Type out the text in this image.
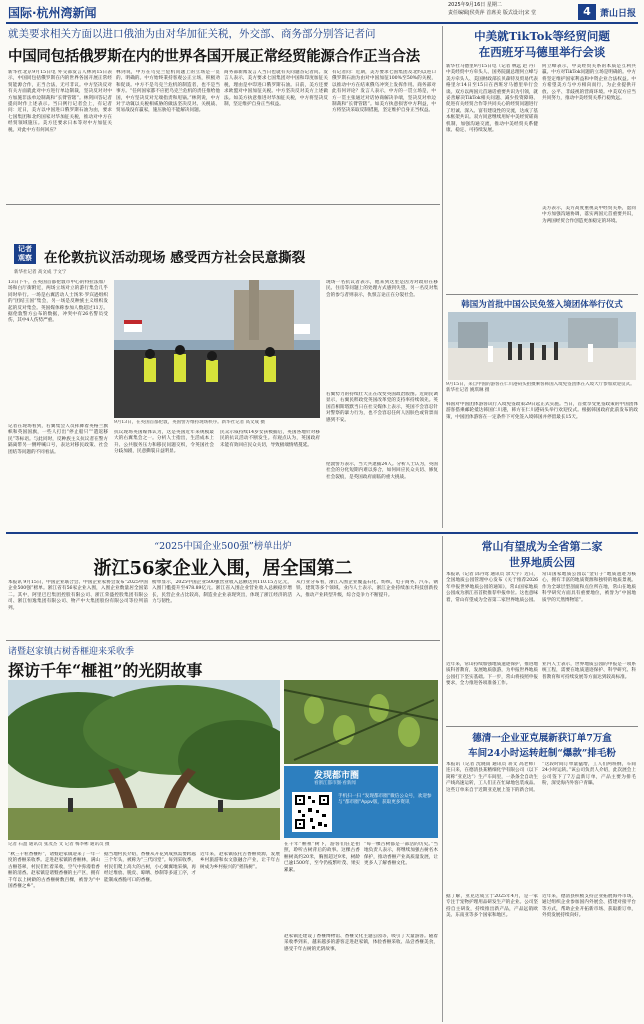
国际·杭州湾新闻
2025年9月16日 星期二
责任编辑|侯英萍 首席美 版式设计|宋 堂	4	萧山日报
就美要求相关方面以进口俄油为由对华加征关税，外交部、商务部分别答记者问
中国同包括俄罗斯在内的世界各国开展正常经贸能源合作正当合法
新华社北京9月15日电 外交部发言人林剑15日表示，中国同包括俄罗斯在内的世界各国开展正常经贸能源合作，正当合法，无可非议。中方坚决反对有关方面就此对中方进行单边制裁，坚决反对对中方加施非法单边制裁和“长臂管辖”。林剑回答记者提问时作上述表示。当日例行记者会上，有记者问：近日，美方以中国进口俄罗斯石油为由，要求七国集团和北约国家对华加征关税，推动对中方在经贸领域施压。美方还要求日本等对中方加征关税。对此中方有何回应？
林剑说，中方在乌克兰危机问题上的立场是一贯的、明确的。中方始终秉持客观公正立场，积极劝和促谈。中方不是乌克兰危机的制造者，也不是当事方。“任何国家都不应把乌克兰危机的责任推给他国，中方坚决反对无端指责和甩锅。”林剑说，中方对于动辄以关税相威胁的做法坚决反对。关税战、贸易战没有赢家，施压胁迫不能解决问题。
商务部新闻发言人当日也就有关问题答记者问。发言人表示，美方要求七国集团对中国和印度加征关税，理由是中印进口俄罗斯石油。日前，美方还要求欧盟对中国加征关税。中方坚决反对美方上述做法。如美方执意推进对华加征关税，中方将坚决反制，坚定维护自身正当权益。
有记者问：近期，美方要求七国集团及北约以进口俄罗斯石油为由对中国加征100%至50%的关税，以推动中方在结束俄乌冲突上发挥作用。商务部对此有何评论？发言人表示，中方的一贯立场是，中方一贯主张通过对话协商解决争端，坚决反对单边制裁和“长臂管辖”。如美方执意损害中方利益，中方将坚决采取反制措施，坚定维护自身正当权益。
中美就TikTok等经贸问题
在西班牙马德里举行会谈
新华社马德里9月15日电（记者 林远 赵 丹）中美经贸中方牵头人、国务院副总理何立峰与美方牵头人、美国财政部长贝森特及贸易代表格里尔14日至15日在西班牙马德里举行会谈。双方以两国元首通话重要共识为引领，就妥善解决TikTok相关问题、减少投资障碍、促进有关经贸合作等共同关心的经贸问题进行了坦诚、深入、富有建设性的交流，达成了基本框架共识。双方同意继续用好中美经贸磋商机制，加强沟通交流，推动中美经贸关系健康、稳定、可持续发展。
何立峰表示，中美经贸关系的本质是互利共赢。中方对TikTok问题的立场是明确的。中方将坚定维护国家利益和中资企业合法权益。中方希望美方与中方相向而行，为企业提供开放、公平、非歧视的营商环境。中美双方应当共同努力，推动中美经贸关系行稳致远。
美方表示，美方高度重视美中经贸关系，愿同中方加强沟通协调，落实两国元首重要共识，为两国经贸合作创造更加稳定的环境。
韩国为首批中国公民免签入境团体举行仪式
9月15日，来自中国的游客在仁川港码头拍摄乘客韩国入境免签团体在入境大厅参加欢迎仪式。新华社记者 姚琪琳 摄
韩国对中国团体游客试行入境免签政策29日起正式实施。当日，首批享受免签政策的中国团体游客搭乘邮轮抵达韩国仁川港，韩方在仁川港码头举行欢迎仪式。根据韩国政府此前发布的政策，中国团体游客在一定条件下可免签入境韩国并停留最长15天。
记者
观察 在伦敦抗议活动现场 感受西方社会民意撕裂
新华社记者 高文成 于文宁
13日下午，在英国首都伦敦市中心的特拉法加广场和白厅街附近，两场立场对立的游行集会几乎同时举行。一场是右翼活动人士汤米·罗宾逊组织的“团结王国”集会，另一场是反种族主义组织发起的反对集会。英国媒体称参加人数超过11万。据伦敦警方公布的数据，冲突中有26名警员受伤，其中4人伤势严重。
9月13日，在英国首都伦敦，英国警方维持现场秩序。新华社记者 高文成 摄
记者在现场看到，右翼集会人员挥舞着英格兰旗帜和英国国旗，一些人打出“停止船只”“遣返移民”等标语。与此同时，反种族主义抗议者在警方隔离带另一侧呼喊口号，表达对移民政策、社会团结等问题的不同看法。
抗议现场英国媒体认为，这是英国近年来规模最大的右翼集会之一。分析人士指出，生活成本上升、公共服务压力和移民问题交织，令英国社会分歧加剧，民意撕裂日益明显。
民众示威持续14岁女孩被捕后，英国各地针对移民的抗议活动不断发生。有观点认为，英国政府未能有效回应民众关切，导致极端情绪蔓延。
现场一名抗议者表示，他来到这里是因为对政府在移民、住房等问题上的处理方式感到失望。另一名反对集会的参与者则表示，仇恨言论正在分裂社会。
右翼势力的持续壮大正在改变英国政治版图。近期民调显示，右翼民粹政党英国改革党的支持率持续领先。英国首相斯塔默当日在社交媒体上表示，英国不会容忍针对警察的暴力行为，也不会容忍任何人因肤色或背景而感到不安。
伦敦警方表示，当天共逮捕24人。分析人士认为，英国社会的分化短期内难以弥合，如何回应民众关切、修复社会裂痕，是英国政府面临的重大挑战。
“2025中国企业500强”榜单出炉
浙江56家企业入围，居全国第二
本报讯 9月15日，中国企业联合会、中国企业家协会发布“2025中国企业500强”榜单。浙江省有56家企业入围，入围企业数量居全国第二。其中，阿里巴巴集团控股有限公司、浙江荣盛控股集团有限公司、浙江恒逸集团有限公司、物产中大集团股份有限公司等位列前列。
榜单显示，2025中国企业500强营业收入总额达到110.15万亿元，入围门槛提升至478.89亿元。浙江省入围企业营业收入总额稳步增长，民营企业占比较高，制造业企业表现突出，体现了浙江经济的活力与韧性。
从行业分布看，浙江入围企业覆盖石化、纺织、电子商务、汽车、钢铁、建筑等多个领域。业内人士表示，浙江企业持续加大科技创新投入，推动产业转型升级，综合竞争力不断提升。
诸暨赵家镇古树香榧迎来采收季
探访千年“榧祖”的光阴故事
发现都市圈
看浙江都市圈·看新闻
手机扫一扫 “发现都市圈”微信公众号，欢迎参与“都市圈”Appv版，获取更多资讯
记者 石盈 通讯员 张茂杰 文 记者 梅李彬 通讯员 摄
“秋三千粒香榧籽”，诸暨赵家镇迎来了一年一度的香榧采收季。走进赵家镇的香榧林，满山古榧苍翠，村民们忙着采收，空气中弥漫着香榧的清香。赵家镇是诸暨香榧的主产区，拥有千年以上树龄的古香榧树数百棵，被誉为“中国香榧之乡”。
据当地村民介绍，香榧从开花到成熟需要跨越三个年头，被称为“三代同堂”。每到采收季，村民们爬上高大的古树，小心翼翼地采摘，再经过堆放、脱皮、晾晒、炒制等多道工序，才能制成香脆可口的香榧。
近年来，赵家镇依托古香榧资源，发展乡村旅游和农文旅融合产业，让千年古树成为乡村振兴的“摇钱树”。
在千年“榧祖”树下，游客们驻足拍照，聆听古树背后的故事。这棵古香榧树高约20米，胸围超过9米，树龄已逾1500年，至今仍枝繁叶茂、果实累累。
“每一棵古树都是一部活的历史。”当地负责人表示，将继续加强古树名木保护，推动香榧产业高质量发展，让更多人了解香榧文化。
赵家镇还建设了香榧博物馆、香榧文化主题公园等，吸引了大量游客。随着采收季到来，越来越多的游客走进赵家镇，体验香榧采收、品尝香榧美食，感受千年古树的光阴故事。
常山有望成为全省第二家
世界地质公园
本报讯（记者 邱丹莺 通讯员 余天宇）近日，全国地质公园管理中心发布《关于推荐2026年申报世界地质公园的通知》，常山国家地质公园成为浙江省首批推荐申报单位。这也意味着，常山有望成为全省第二家世界地质公园。
常山国家地质公园以“金钉子”地质遗迹为核心，拥有丰富的地质资源和独特的地质景观。作为全球层型剖面和点位所在地，常山在地质科学研究方面具有重要地位，被誉为“中国地质学的天然博物馆”。
近年来，常山持续加强地质遗迹保护，推进地质科普教育，发展地质旅游，为申报世界地质公园打下坚实基础。下一步，常山将按照申报要求，全力推进各项准备工作。
业内人士表示，世界地质公园的申报是一项系统工程，需要在地质遗迹保护、科学研究、科普教育和可持续发展等方面达到较高标准。
德清一企业亚克展新获订单7万盒
车间24小时运转赶制“爆款”排毛粉
本报讯（记者 沈晓雨 通讯员 蒋文 高老师）连日来，在德清县某精细化学有限公司（以下简称“亚克达”）生产车间里，一条条全自动生产线高速运转，工人们正在忙碌地包装成品。这些订单来自于近期亚克展上签下的新合同。
“这段时间订单量猛增，工人们两班倒，车间24小时运转。”该公司负责人介绍，此次展会上公司签下了7万盒新订单，产品主要为排毛粉，深受海内外客户青睐。
据了解，亚克达成立于2025年4月，是一家专注于宠物护理用品研发生产的企业。公司坚持自主研发，持续推出新产品，产品远销欧美、东南亚等多个国家和地区。
近年来，德清县积极支持企业拓展海外市场，通过组织企业参加国内外展会、搭建对接平台等方式，帮助企业开拓新市场、获取新订单，外贸发展持续向好。
